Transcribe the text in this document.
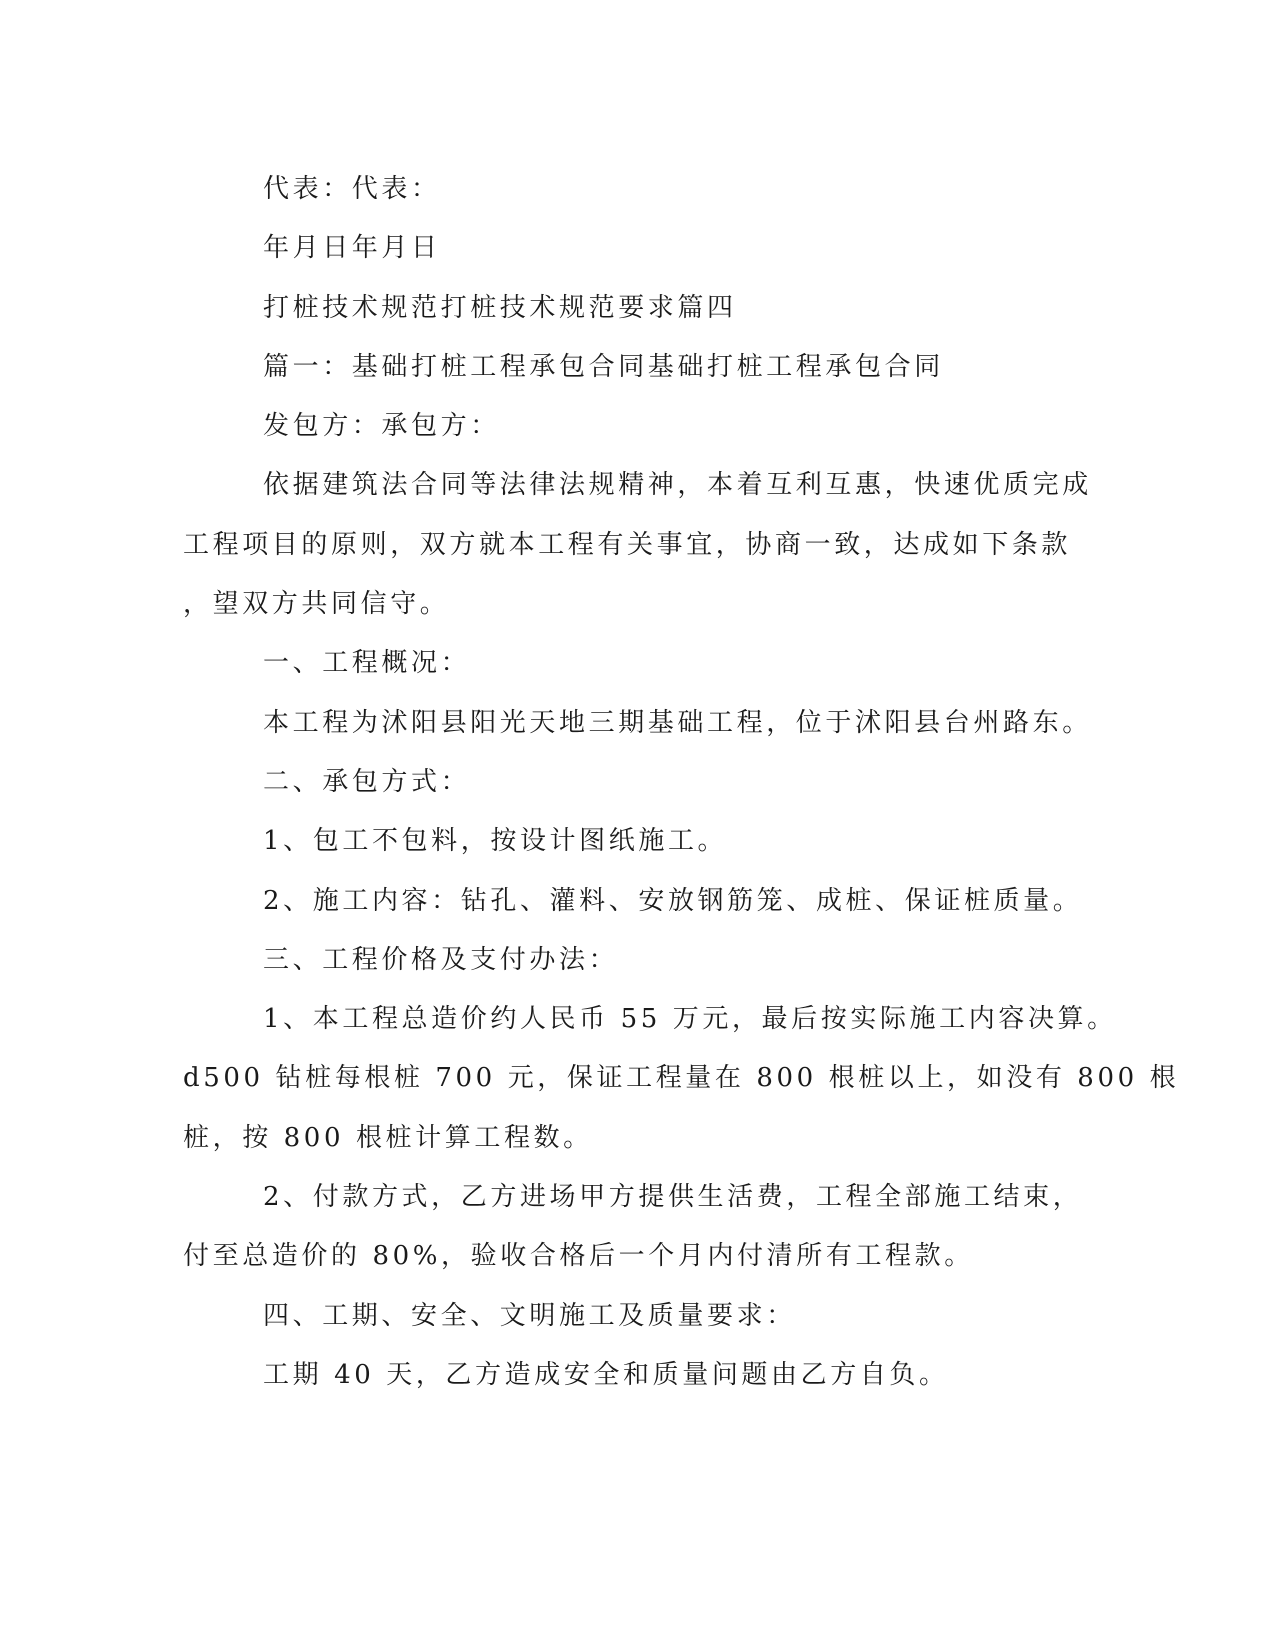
代表：代表：
年月日年月日
打桩技术规范打桩技术规范要求篇四
篇一：基础打桩工程承包合同基础打桩工程承包合同
发包方：承包方：
依据建筑法合同等法律法规精神，本着互利互惠，快速优质完成
工程项目的原则，双方就本工程有关事宜，协商一致，达成如下条款
，望双方共同信守。
一、工程概况：
本工程为沭阳县阳光天地三期基础工程，位于沭阳县台州路东。
二、承包方式：
1、包工不包料，按设计图纸施工。
2、施工内容：钻孔、灌料、安放钢筋笼、成桩、保证桩质量。
三、工程价格及支付办法：
1、本工程总造价约人民币 55 万元，最后按实际施工内容决算。
d500 钻桩每根桩 700 元，保证工程量在 800 根桩以上，如没有 800 根
桩，按 800 根桩计算工程数。
2、付款方式，乙方进场甲方提供生活费，工程全部施工结束，
付至总造价的 80%，验收合格后一个月内付清所有工程款。
四、工期、安全、文明施工及质量要求：
工期 40 天，乙方造成安全和质量问题由乙方自负。
